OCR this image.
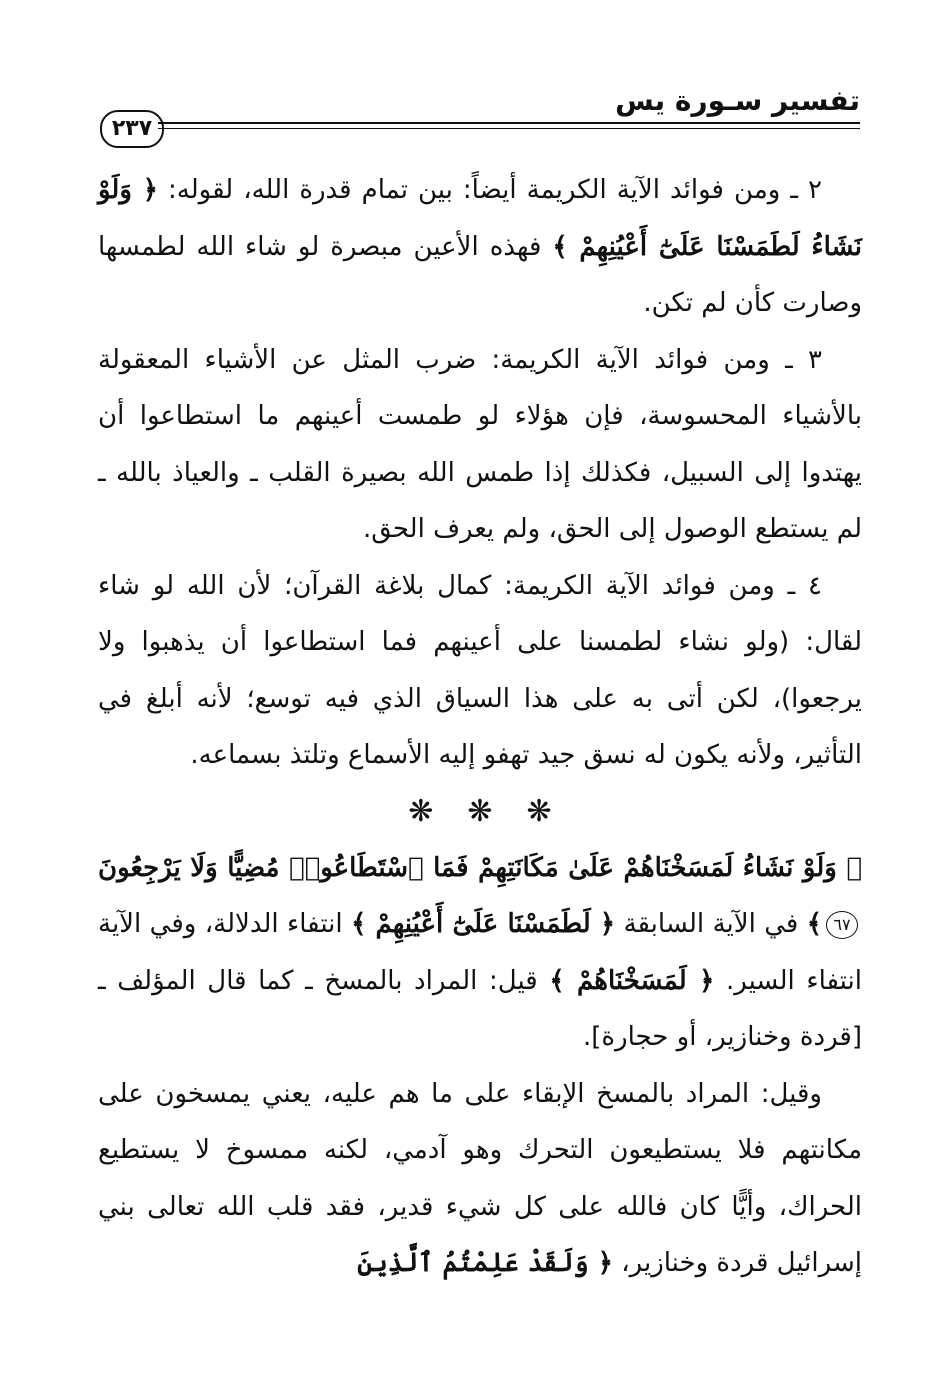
٢٣٧
تفسير سـورة يس

٢ ـ ومن فوائد الآية الكريمة أيضاً: بين تمام قدرة الله، لقوله: ﴿ وَلَوْ نَشَاءُ لَطَمَسْنَا عَلَىٰٓ أَعْيُنِهِمْ ﴾ فهذه الأعين مبصرة لو شاء الله لطمسها وصارت كأن لم تكن.

٣ ـ ومن فوائد الآية الكريمة: ضرب المثل عن الأشياء المعقولة بالأشياء المحسوسة، فإن هؤلاء لو طمست أعينهم ما استطاعوا أن يهتدوا إلى السبيل، فكذلك إذا طمس الله بصيرة القلب ـ والعياذ بالله ـ لم يستطع الوصول إلى الحق، ولم يعرف الحق.

٤ ـ ومن فوائد الآية الكريمة: كمال بلاغة القرآن؛ لأن الله لو شاء لقال: (ولو نشاء لطمسنا على أعينهم فما استطاعوا أن يذهبوا ولا يرجعوا)، لكن أتى به على هذا السياق الذي فيه توسع؛ لأنه أبلغ في التأثير، ولأنه يكون له نسق جيد تهفو إليه الأسماع وتلتذ بسماعه.

❋❋❋

﴿ وَلَوْ نَشَاءُ لَمَسَخْنَاهُمْ عَلَىٰ مَكَانَتِهِمْ فَمَا ٱسْتَطَاعُوا۟ مُضِيًّا وَلَا يَرْجِعُونَ٦٧﴾ في الآية السابقة ﴿ لَطَمَسْنَا عَلَىٰٓ أَعْيُنِهِمْ ﴾ انتفاء الدلالة، وفي الآية انتفاء السير. ﴿ لَمَسَخْنَاهُمْ ﴾ قيل: المراد بالمسخ ـ كما قال المؤلف ـ [قردة وخنازير، أو حجارة].

وقيل: المراد بالمسخ الإبقاء على ما هم عليه، يعني يمسخون على مكانتهم فلا يستطيعون التحرك وهو آدمي، لكنه ممسوخ لا يستطيع الحراك، وأيًّا كان فالله على كل شيء قدير، فقد قلب الله تعالى بني إسرائيل قردة وخنازير، ﴿ وَلَقَدْ عَلِمْتُمُ ٱلَّذِينَ
